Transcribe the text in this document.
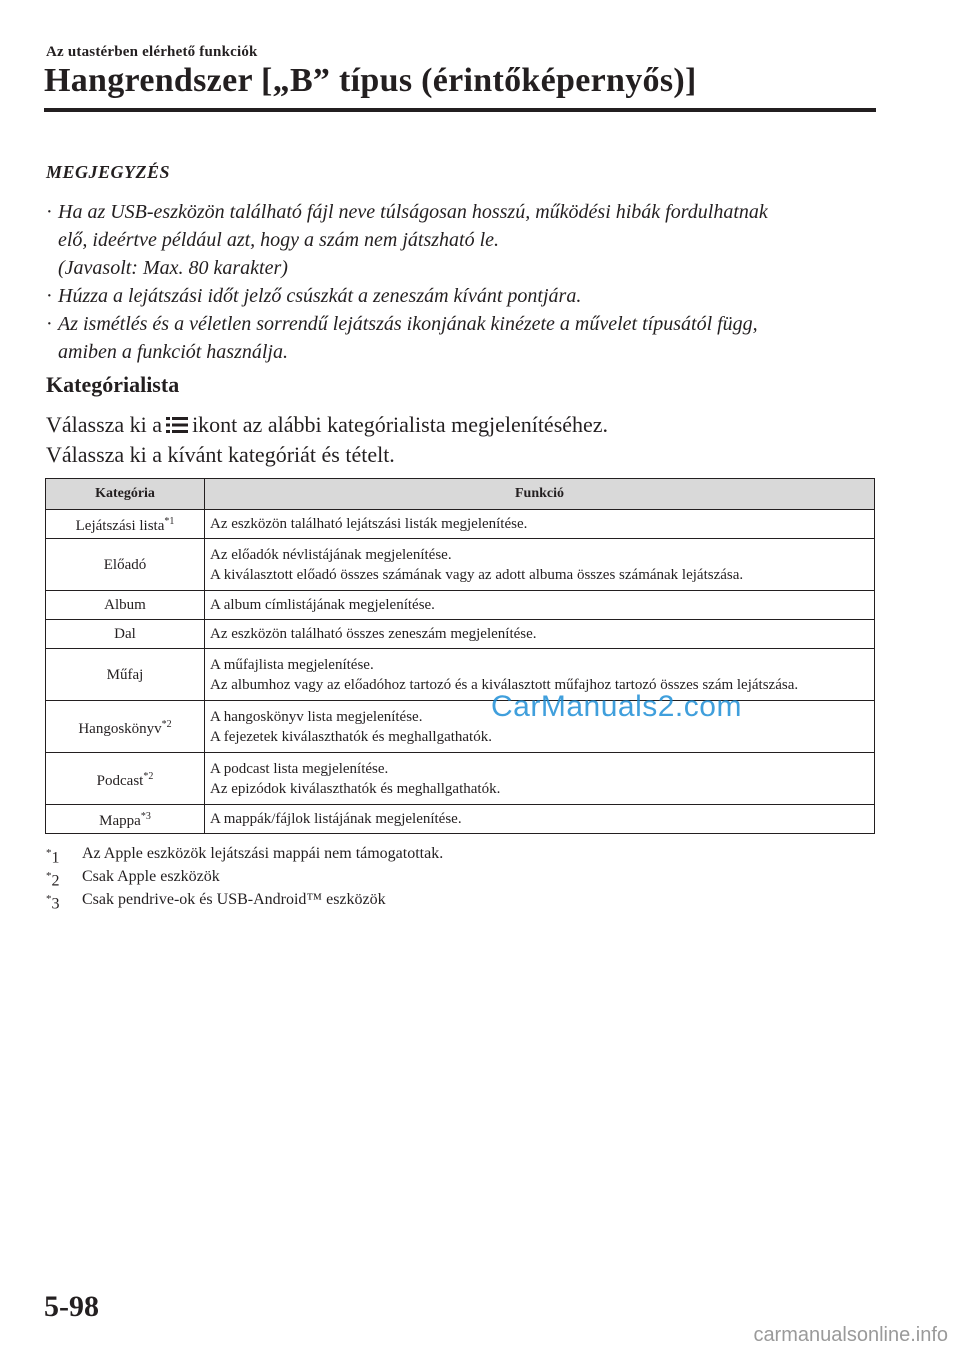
Az utastérben elérhető funkciók
Hangrendszer [„B” típus (érintőképernyős)]
MEGJEGYZÉS
· Ha az USB-eszközön található fájl neve túlságosan hosszú, működési hibák fordulhatnak
elő, ideértve például azt, hogy a szám nem játszható le.
(Javasolt: Max. 80 karakter)
· Húzza a lejátszási időt jelző csúszkát a zeneszám kívánt pontjára.
· Az ismétlés és a véletlen sorrendű lejátszás ikonjának kinézete a művelet típusától függ,
amiben a funkciót használja.
Kategórialista
Válassza ki a ikont az alábbi kategórialista megjelenítéséhez.
Válassza ki a kívánt kategóriát és tételt.
Kategória	Funkció
Lejátszási lista$^{*1}$	Az eszközön található lejátszási listák megjelenítése.

Előadó	Az előadók névlistájának megjelenítése.
A kiválasztott előadó összes számának vagy az adott albuma összes számának lejátszása.

Album	A album címlistájának megjelenítése.

Dal	Az eszközön található összes zeneszám megjelenítése.

Műfaj	A műfajlista megjelenítése.
Az albumhoz vagy az előadóhoz tartozó és a kiválasztott műfajhoz tartozó összes szám lejátszása.

Hangoskönyv$^{*2}$	A hangoskönyv lista megjelenítése.
A fejezetek kiválaszthatók és meghallgathatók.

Podcast$^{*2}$	A podcast lista megjelenítése.
Az epizódok kiválaszthatók és meghallgathatók.

Mappa$^{*3}$	A mappák/fájlok listájának megjelenítése.
*1 Az Apple eszközök lejátszási mappái nem támogatottak.
*2 Csak Apple eszközök
*3 Csak pendrive-ok és USB-Android™ eszközök
CarManuals2.com
5-98
carmanualsonline.info
